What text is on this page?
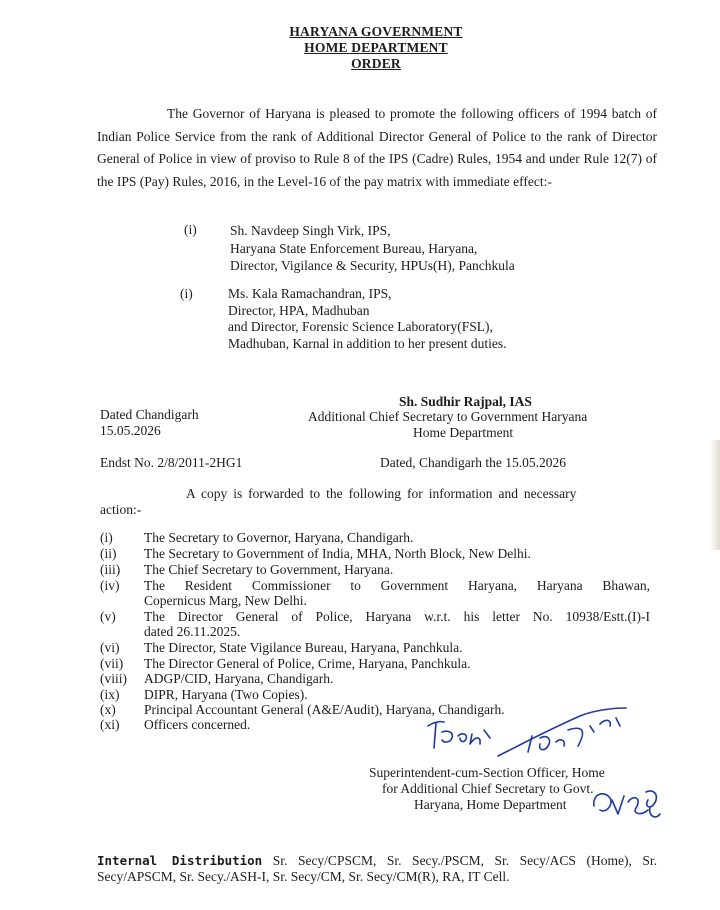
HARYANA GOVERNMENT
HOME DEPARTMENT
ORDER
The Governor of Haryana is pleased to promote the following officers of 1994 batch of Indian Police Service from the rank of Additional Director General of Police to the rank of Director General of Police in view of proviso to Rule 8 of the IPS (Cadre) Rules, 1954 and under Rule 12(7) of the IPS (Pay) Rules, 2016, in the Level-16 of the pay matrix with immediate effect:-
(i) Sh. Navdeep Singh Virk, IPS,
Haryana State Enforcement Bureau, Haryana,
Director, Vigilance & Security, HPUs(H), Panchkula
(i)	Ms. Kala Ramachandran, IPS,
Director, HPA, Madhuban
and Director, Forensic Science Laboratory(FSL),
Madhuban, Karnal in addition to her present duties.
Sh. Sudhir Rajpal, IAS
Additional Chief Secretary to Government Haryana
Home Department
Dated Chandigarh
15.05.2026
Endst No. 2/8/2011-2HG1	Dated, Chandigarh the 15.05.2026
A copy is forwarded to the following for information and necessary
action:-
(i) The Secretary to Governor, Haryana, Chandigarh.
(ii) The Secretary to Government of India, MHA, North Block, New Delhi.
(iii) The Chief Secretary to Government, Haryana.
(iv) The Resident Commissioner to Government Haryana, Haryana Bhawan,
Copernicus Marg, New Delhi.
(v) The Director General of Police, Haryana w.r.t. his letter No. 10938/Estt.(I)-I
dated 26.11.2025.
(vi) The Director, State Vigilance Bureau, Haryana, Panchkula.
(vii) The Director General of Police, Crime, Haryana, Panchkula.
(viii) ADGP/CID, Haryana, Chandigarh.
(ix) DIPR, Haryana (Two Copies).
(x) Principal Accountant General (A&E/Audit), Haryana, Chandigarh.
(xi) Officers concerned.
Superintendent-cum-Section Officer, Home
for Additional Chief Secretary to Govt.
Haryana, Home Department
Internal Distribution Sr. Secy/CPSCM, Sr. Secy./PSCM, Sr. Secy/ACS (Home), Sr. Secy/APSCM, Sr. Secy./ASH-I, Sr. Secy/CM, Sr. Secy/CM(R), RA, IT Cell.
